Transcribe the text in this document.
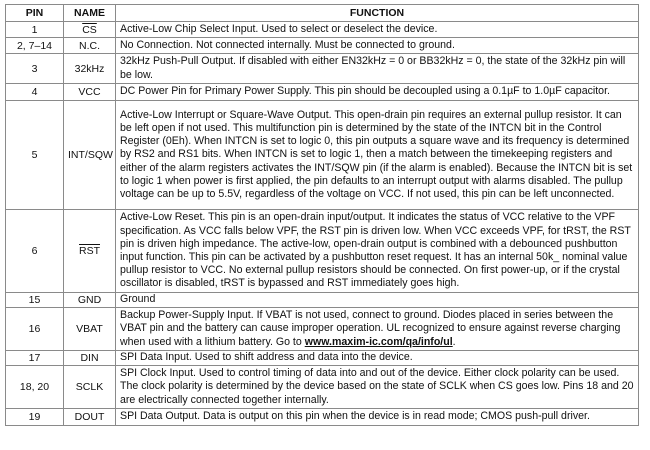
PIN	NAME	FUNCTION
1	$\overline{CS}$	Active-Low Chip Select Input. Used to select or deselect the device.
2, 7–14	N.C.	No Connection. Not connected internally. Must be connected to ground.
3	32kHz	32kHz Push-Pull Output. If disabled with either EN32kHz = 0 or BB32kHz = 0, the state of the 32kHz pin will be low.
4	VCC	DC Power Pin for Primary Power Supply. This pin should be decoupled using a 0.1µF to 1.0µF capacitor.
5	INT/SQW	Active-Low Interrupt or Square-Wave Output. This open-drain pin requires an external pullup resistor. It can be left open if not used. This multifunction pin is determined by the state of the INTCN bit in the Control Register (0Eh). When INTCN is set to logic 0, this pin outputs a square wave and its frequency is determined by RS2 and RS1 bits. When INTCN is set to logic 1, then a match between the timekeeping registers and either of the alarm registers activates the INT/SQW pin (if the alarm is enabled). Because the INTCN bit is set to logic 1 when power is first applied, the pin defaults to an interrupt output with alarms disabled. The pullup voltage can be up to 5.5V, regardless of the voltage on VCC. If not used, this pin can be left unconnected.
6	$\overline{RST}$	Active-Low Reset. This pin is an open-drain input/output. It indicates the status of VCC relative to the VPF specification. As VCC falls below VPF, the RST pin is driven low. When VCC exceeds VPF, for tRST, the RST pin is driven high impedance. The active-low, open-drain output is combined with a debounced pushbutton input function. This pin can be activated by a pushbutton reset request. It has an internal 50k_ nominal value pullup resistor to VCC. No external pullup resistors should be connected. On first power-up, or if the crystal oscillator is disabled, tRST is bypassed and RST immediately goes high.
15	GND	Ground
16	VBAT	Backup Power-Supply Input. If VBAT is not used, connect to ground. Diodes placed in series between the VBAT pin and the battery can cause improper operation. UL recognized to ensure against reverse charging when used with a lithium battery. Go to www.maxim-ic.com/qa/info/ul.
17	DIN	SPI Data Input. Used to shift address and data into the device.
18, 20	SCLK	SPI Clock Input. Used to control timing of data into and out of the device. Either clock polarity can be used. The clock polarity is determined by the device based on the state of SCLK when CS goes low. Pins 18 and 20 are electrically connected together internally.
19	DOUT	SPI Data Output. Data is output on this pin when the device is in read mode; CMOS push-pull driver.
